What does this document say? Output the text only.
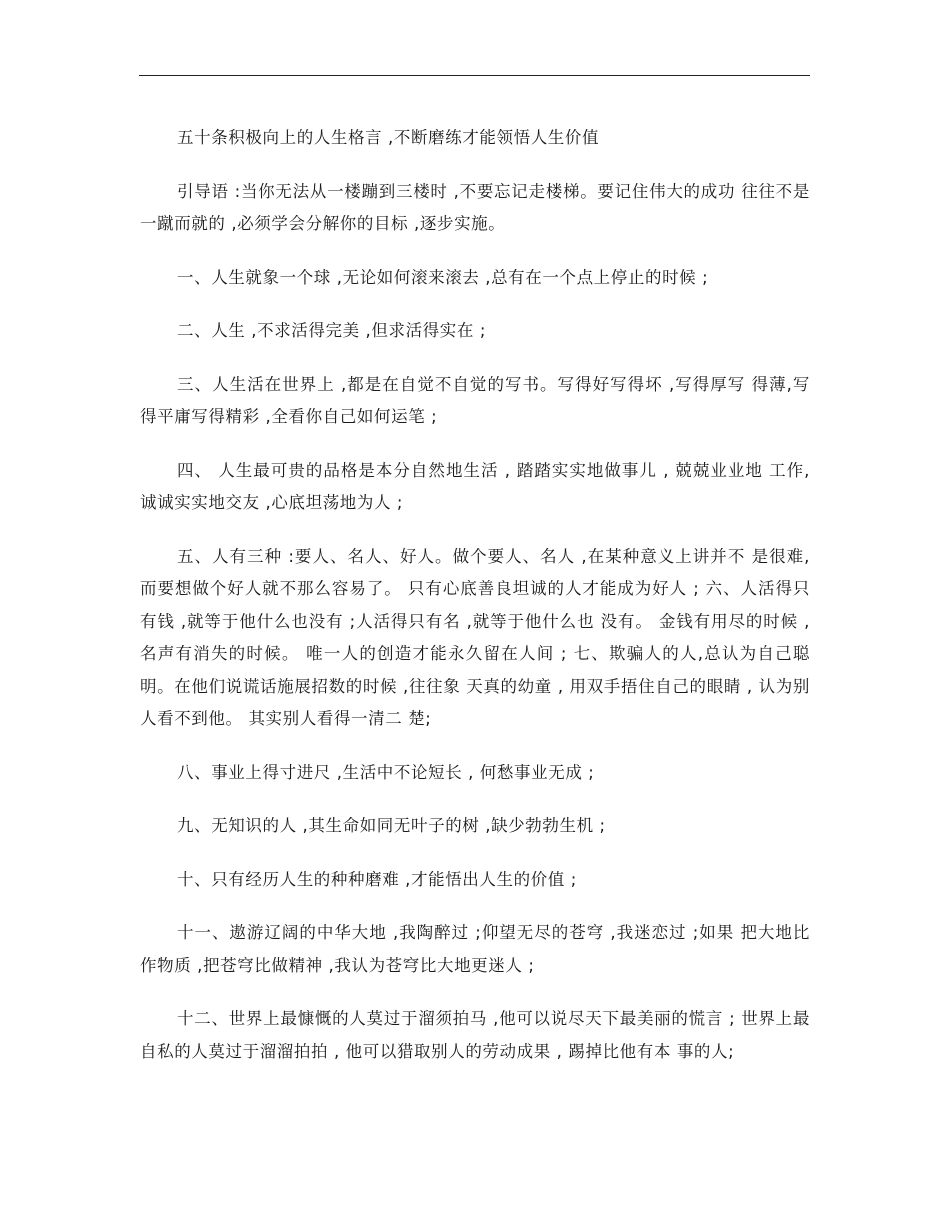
五十条积极向上的人生格言 ,不断磨练才能领悟人生价值

引导语 :当你无法从一楼蹦到三楼时 ,不要忘记走楼梯。要记住伟大的成功 往往不是一蹴而就的 ,必须学会分解你的目标 ,逐步实施。

一、人生就象一个球 ,无论如何滚来滚去 ,总有在一个点上停止的时候 ;

二、人生 ,不求活得完美 ,但求活得实在 ;

三、人生活在世界上 ,都是在自觉不自觉的写书。写得好写得坏 ,写得厚写 得薄,写得平庸写得精彩 ,全看你自己如何运笔 ;

四、 人生最可贵的品格是本分自然地生活 , 踏踏实实地做事儿 , 兢兢业业地 工作,诚诚实实地交友 ,心底坦荡地为人 ;

五、人有三种 :要人、名人、好人。做个要人、名人 ,在某种意义上讲并不 是很难, 而要想做个好人就不那么容易了。 只有心底善良坦诚的人才能成为好人 ; 六、人活得只有钱 ,就等于他什么也没有 ;人活得只有名 ,就等于他什么也 没有。 金钱有用尽的时候 , 名声有消失的时候。 唯一人的创造才能永久留在人间 ; 七、欺骗人的人,总认为自己聪明。在他们说谎话施展招数的时候 ,往往象 天真的幼童 , 用双手捂住自己的眼睛 , 认为别人看不到他。 其实别人看得一清二 楚;

八、事业上得寸进尺 ,生活中不论短长 , 何愁事业无成 ;

九、无知识的人 ,其生命如同无叶子的树 ,缺少勃勃生机 ;

十、只有经历人生的种种磨难 ,才能悟出人生的价值 ;

十一、遨游辽阔的中华大地 ,我陶醉过 ;仰望无尽的苍穹 ,我迷恋过 ;如果 把大地比作物质 ,把苍穹比做精神 ,我认为苍穹比大地更迷人 ;

十二、世界上最慷慨的人莫过于溜须拍马 ,他可以说尽天下最美丽的慌言 ; 世界上最自私的人莫过于溜溜拍拍 , 他可以猎取别人的劳动成果 , 踢掉比他有本 事的人;
